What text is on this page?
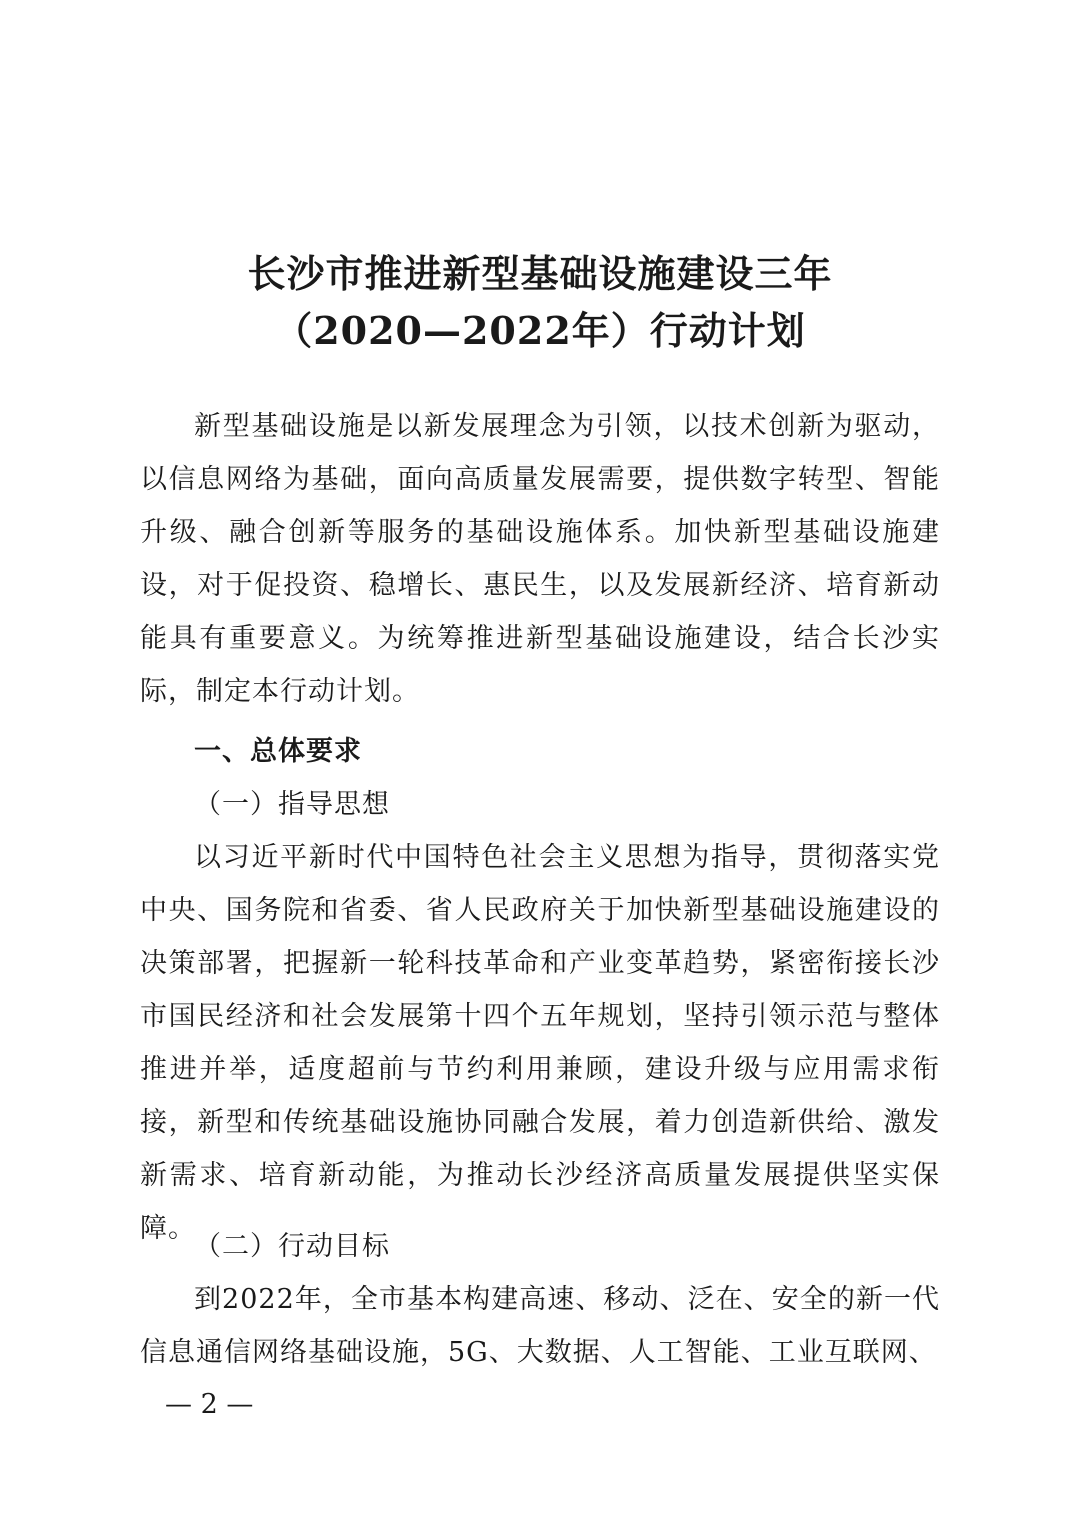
长沙市推进新型基础设施建设三年
（2020—2022年）行动计划

新型基础设施是以新发展理念为引领，以技术创新为驱动，以信息网络为基础，面向高质量发展需要，提供数字转型、智能升级、融合创新等服务的基础设施体系。加快新型基础设施建设，对于促投资、稳增长、惠民生，以及发展新经济、培育新动能具有重要意义。为统筹推进新型基础设施建设，结合长沙实际，制定本行动计划。

一、总体要求

（一）指导思想

以习近平新时代中国特色社会主义思想为指导，贯彻落实党中央、国务院和省委、省人民政府关于加快新型基础设施建设的决策部署，把握新一轮科技革命和产业变革趋势，紧密衔接长沙市国民经济和社会发展第十四个五年规划，坚持引领示范与整体推进并举，适度超前与节约利用兼顾，建设升级与应用需求衔接，新型和传统基础设施协同融合发展，着力创造新供给、激发新需求、培育新动能，为推动长沙经济高质量发展提供坚实保障。

（二）行动目标

到2022年，全市基本构建高速、移动、泛在、安全的新一代信息通信网络基础设施，5G、大数据、人工智能、工业互联网、

— 2 —
